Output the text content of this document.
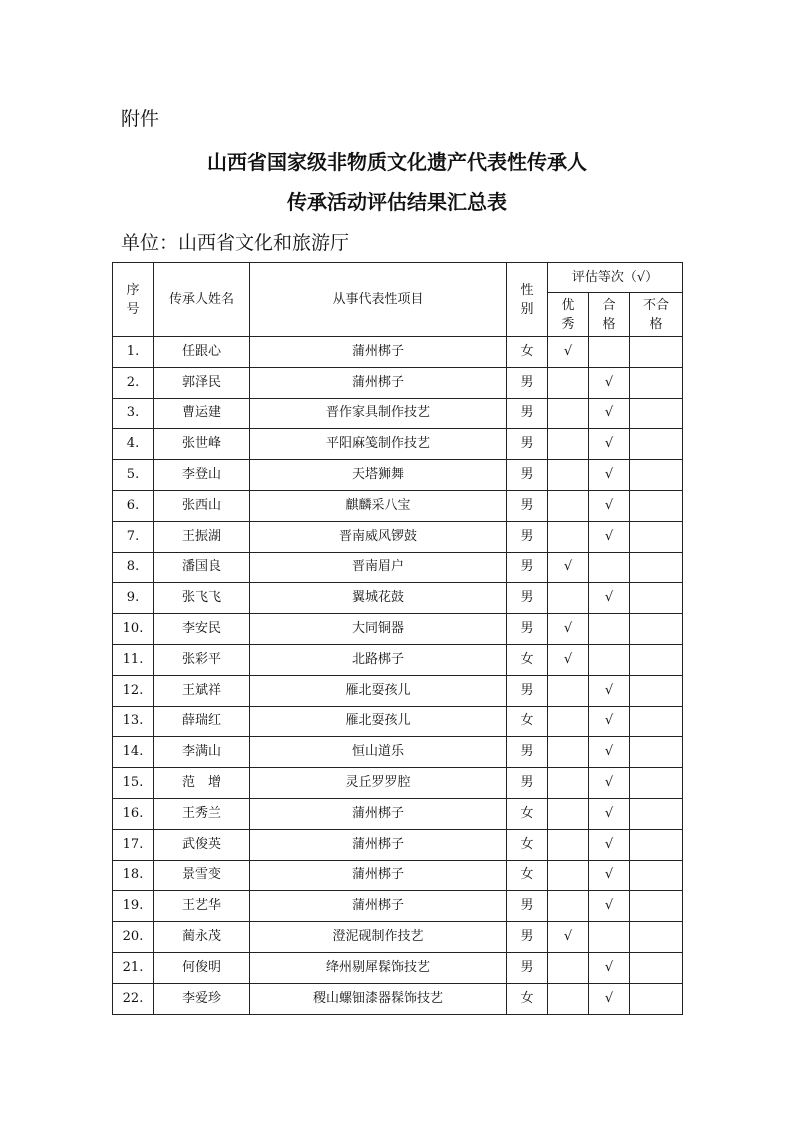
附件
山西省国家级非物质文化遗产代表性传承人
传承活动评估结果汇总表
单位：山西省文化和旅游厅
序号	传承人姓名	从事代表性项目	性别	评估等次（√）		

				优秀	合格	不合格

1.	任跟心	蒲州梆子	女	√		
2.	郭泽民	蒲州梆子	男		√	
3.	曹运建	晋作家具制作技艺	男		√	
4.	张世峰	平阳麻笺制作技艺	男		√	
5.	李登山	天塔狮舞	男		√	
6.	张西山	麒麟采八宝	男		√	
7.	王振湖	晋南威风锣鼓	男		√	
8.	潘国良	晋南眉户	男	√		
9.	张飞飞	翼城花鼓	男		√	
10.	李安民	大同铜器	男	√		
11.	张彩平	北路梆子	女	√		
12.	王斌祥	雁北耍孩儿	男		√	
13.	薛瑞红	雁北耍孩儿	女		√	
14.	李满山	恒山道乐	男		√	
15.	范　增	灵丘罗罗腔	男		√	
16.	王秀兰	蒲州梆子	女		√	
17.	武俊英	蒲州梆子	女		√	
18.	景雪变	蒲州梆子	女		√	
19.	王艺华	蒲州梆子	男		√	
20.	蔺永茂	澄泥砚制作技艺	男	√		
21.	何俊明	绛州剔犀髹饰技艺	男		√	
22.	李爱珍	稷山螺钿漆器髹饰技艺	女		√	
